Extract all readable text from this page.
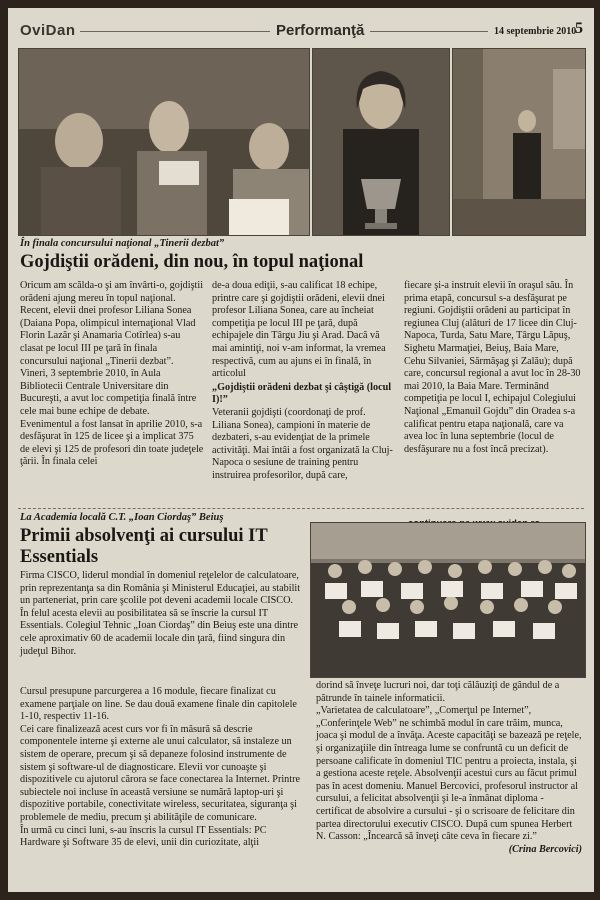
OviDan	Performanţă	14 septembrie 2010
5
În finala concursului naţional „Tinerii dezbat”
Gojdiştii orădeni, din nou, în topul naţional

Oricum am scălda-o şi am învârti-o, gojdiştii orădeni ajung mereu în topul naţional. Recent, elevii dnei profesor Liliana Sonea (Daiana Popa, olimpicul internaţional Vlad Florin Lazăr şi Anamaria Cotîrlea) s-au clasat pe locul III pe ţară în finala concursului naţional „Tinerii dezbat”.

Vineri, 3 septembrie 2010, în Aula Bibliotecii Centrale Universitare din Bucureşti, a avut loc competiţia finală între cele mai bune echipe de debate. Evenimentul a fost lansat în aprilie 2010, s-a desfăşurat în 125 de licee şi a implicat 375 de elevi şi 125 de profesori din toate judeţele ţării. În finala celei

de-a doua ediţii, s-au calificat 18 echipe, printre care şi gojdiştii orădeni, elevii dnei profesor Liliana Sonea, care au încheiat competiţia pe locul III pe ţară, după echipajele din Târgu Jiu şi Arad. Dacă vă mai amintiţi, noi v-am informat, la vremea respectivă, cum au ajuns ei în finală, în articolul

„Gojdiştii orădeni dezbat şi câştigă (locul I)!”

Veteranii gojdişti (coordonaţi de prof. Liliana Sonea), campioni în materie de dezbateri, s-au evidenţiat de la primele activităţi. Mai întâi a fost organizată la Cluj-Napoca o sesiune de training pentru instruirea profesorilor, după care,

fiecare şi-a instruit elevii în oraşul său. În prima etapă, concursul s-a desfăşurat pe regiuni. Gojdiştii orădeni au participat în regiunea Cluj (alături de 17 licee din Cluj-Napoca, Turda, Satu Mare, Târgu Lăpuş, Sighetu Marmaţiei, Beiuş, Baia Mare, Cehu Silvaniei, Sărmăşag şi Zalău); după care, concursul regional a avut loc în 28-30 mai 2010, la Baia Mare. Terminând competiţia pe locul I, echipajul Colegiului Naţional „Emanuil Gojdu” din Oradea s-a calificat pentru etapa naţională, care va avea loc în luna septembrie (locul de desfăşurare nu a fost încă precizat).

La Academia locală C.T. „Ioan Ciordaş” Beiuş
Primii absolvenţi ai cursului IT
Essentials

Firma CISCO, liderul mondial în domeniul reţelelor de calculatoare, prin reprezentanţa sa din România şi Ministerul Educaţiei, au stabilit un parteneriat, prin care şcolile pot deveni academii locale CISCO.

În felul acesta elevii au posibilitatea să se înscrie la cursul IT Essentials. Colegiul Tehnic „Ioan Ciordaş” din Beiuş este una dintre cele aproximativ 60 de academii locale din ţară, fiind singura din judeţul Bihor.

Cursul presupune parcurgerea a 16 module, fiecare finalizat cu examene parţiale on line. Se dau două examene finale din capitolele 1-10, respectiv 11-16.

Cei care finalizează acest curs vor fi în măsură să descrie componentele interne şi externe ale unui calculator, să instaleze un sistem de operare, precum şi să depaneze folosind instrumente de sistem şi software-ul de diagnosticare. Elevii vor cunoaşte şi dispozitivele cu ajutorul cărora se face conectarea la Internet. Printre subiectele noi incluse în această versiune se numără laptop-uri şi dispozitive portabile, conectivitate wireless, securitatea, siguranţa şi problemele de mediu, precum şi abilităţile de comunicare.

În urmă cu cinci luni, s-au înscris la cursul IT Essentials: PC Hardware şi Software 35 de elevi, unii din curiozitate, alţii

dorind să înveţe lucruri noi, dar toţi călăuziţi de gândul de a pătrunde în tainele informaticii.

„Varietatea de calculatoare”, „Comerţul pe Internet”, „Conferinţele Web” ne schimbă modul în care trăim, munca, joaca şi modul de a învăţa. Aceste capacităţi se bazează pe reţele, şi organizaţiile din întreaga lume se confruntă cu un deficit de persoane calificate în domeniul TIC pentru a proiecta, instala, şi a gestiona aceste reţele. Absolvenţii acestui curs au făcut primul pas în acest domeniu. Manuel Bercovici, profesorul instructor al cursului, a felicitat absolvenţii şi le-a înmânat diploma - certificat de absolvire a cursului - şi o scrisoare de felicitare din partea directorului executiv CISCO. După cum spunea Herbert N. Casson: „Încearcă să înveţi câte ceva în fiecare zi.”

(Crina Bercovici)
